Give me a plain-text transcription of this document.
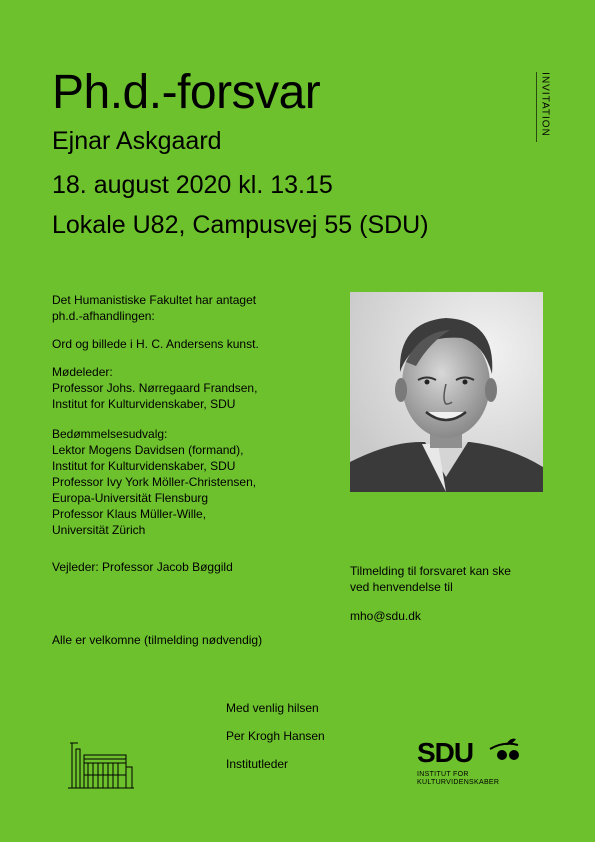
Ph.d.-forsvar
Ejnar Askgaard
18. august 2020 kl. 13.15
Lokale U82, Campusvej 55 (SDU)
INVITATION
Det Humanistiske Fakultet har antaget
ph.d.-afhandlingen:
Ord og billede i H. C. Andersens kunst.
Mødeleder:
Professor Johs. Nørregaard Frandsen,
Institut for Kulturvidenskaber, SDU
Bedømmelsesudvalg:
Lektor Mogens Davidsen (formand),
Institut for Kulturvidenskaber, SDU
Professor Ivy York Möller-Christensen,
Europa-Universität Flensburg
Professor Klaus Müller-Wille,
Universität Zürich
Vejleder: Professor Jacob Bøggild
Alle er velkomne (tilmelding nødvendig)
Tilmelding til forsvaret kan ske
ved henvendelse til
mho@sdu.dk
Med venlig hilsen
Per Krogh Hansen
Institutleder	SDU
INSTITUT FOR
KULTURVIDENSKABER
